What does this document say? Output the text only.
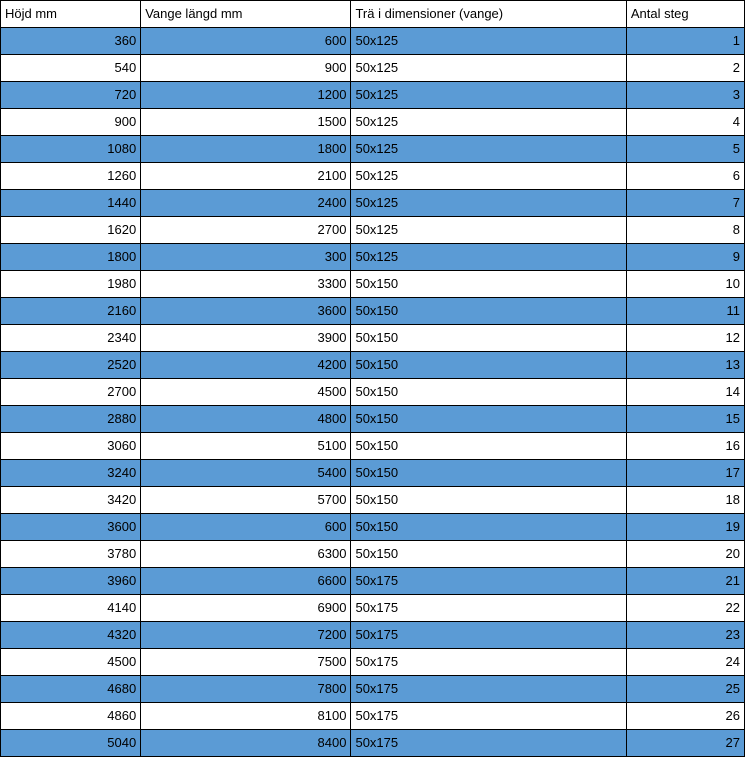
Höjd mm	Vange längd mm	Trä i dimensioner (vange)	Antal steg
360	600	50x125	1
540	900	50x125	2
720	1200	50x125	3
900	1500	50x125	4
1080	1800	50x125	5
1260	2100	50x125	6
1440	2400	50x125	7
1620	2700	50x125	8
1800	300	50x125	9
1980	3300	50x150	10
2160	3600	50x150	11
2340	3900	50x150	12
2520	4200	50x150	13
2700	4500	50x150	14
2880	4800	50x150	15
3060	5100	50x150	16
3240	5400	50x150	17
3420	5700	50x150	18
3600	600	50x150	19
3780	6300	50x150	20
3960	6600	50x175	21
4140	6900	50x175	22
4320	7200	50x175	23
4500	7500	50x175	24
4680	7800	50x175	25
4860	8100	50x175	26
5040	8400	50x175	27
